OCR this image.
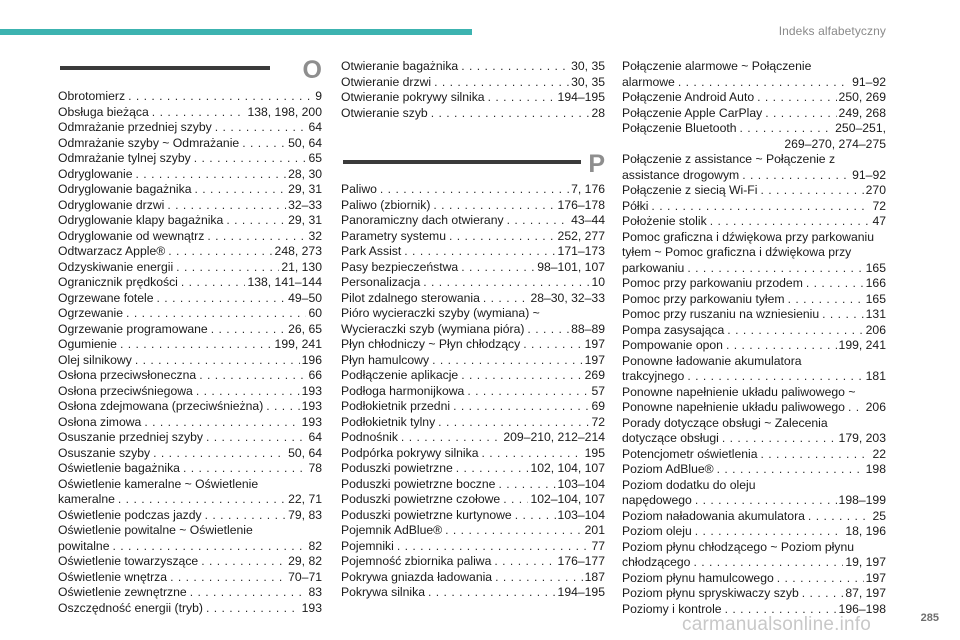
Indeks alfabetyczny
O
Obrotomierz . . .	9
Obsługa bieżąca . . .	138, 198, 200
Odmrażanie przedniej szyby . . .	64
Odmrażanie szyby ~ Odmrażanie . . .	50, 64
Odmrażanie tylnej szyby . . .	65
Odryglowanie . . .	28, 30
Odryglowanie bagażnika . . .	29, 31
Odryglowanie drzwi . . .	32–33
Odryglowanie klapy bagażnika . . .	29, 31
Odryglowanie od wewnątrz . . .	32
Odtwarzacz Apple® . . .	248, 273
Odzyskiwanie energii . . .	21, 130
Ogranicznik prędkości . . .	138, 141–144
Ogrzewane fotele . . .	49–50
Ogrzewanie . . .	60
Ogrzewanie programowane . . .	26, 65
Ogumienie . . .	199, 241
Olej silnikowy . . .	196
Osłona przeciwsłoneczna . . .	66
Osłona przeciwśniegowa . . .	193
Osłona zdejmowana (przeciwśnieżna) . . .	193
Osłona zimowa . . .	193
Osuszanie przedniej szyby . . .	64
Osuszanie szyby . . .	50, 64
Oświetlenie bagażnika . . .	78
Oświetlenie kameralne ~ Oświetlenie
kameralne . . .	22, 71
Oświetlenie podczas jazdy . . .	79, 83
Oświetlenie powitalne ~ Oświetlenie
powitalne . . .	82
Oświetlenie towarzyszące . . .	29, 82
Oświetlenie wnętrza . . .	70–71
Oświetlenie zewnętrzne . . .	83
Oszczędność energii (tryb) . . .	193
Otwieranie bagażnika . . .	30, 35
Otwieranie drzwi . . .	30, 35
Otwieranie pokrywy silnika . . .	194–195
Otwieranie szyb . . .	28
P
Paliwo . . .	7, 176
Paliwo (zbiornik) . . .	176–178
Panoramiczny dach otwierany . . .	43–44
Parametry systemu . . .	252, 277
Park Assist . . .	171–173
Pasy bezpieczeństwa . . .	98–101, 107
Personalizacja . . .	10
Pilot zdalnego sterowania . . .	28–30, 32–33
Pióro wycieraczki szyby (wymiana) ~
Wycieraczki szyb (wymiana pióra) . . .	88–89
Płyn chłodniczy ~ Płyn chłodzący . . .	197
Płyn hamulcowy . . .	197
Podłączenie aplikacje . . .	269
Podłoga harmonijkowa . . .	57
Podłokietnik przedni . . .	69
Podłokietnik tylny . . .	72
Podnośnik . . .	209–210, 212–214
Podpórka pokrywy silnika . . .	195
Poduszki powietrzne . . .	102, 104, 107
Poduszki powietrzne boczne . . .	103–104
Poduszki powietrzne czołowe . . . 102–104, 107
Poduszki powietrzne kurtynowe . . .	103–104
Pojemnik AdBlue® . . .	201
Pojemniki . . .	77
Pojemność zbiornika paliwa . . .	176–177
Pokrywa gniazda ładowania . . .	187
Pokrywa silnika . . .	194–195
Połączenie alarmowe ~ Połączenie
alarmowe . . .	91–92
Połączenie Android Auto . . .	250, 269
Połączenie Apple CarPlay . . .	249, 268
Połączenie Bluetooth . . .	250–251,
269–270, 274–275
Połączenie z assistance ~ Połączenie z
assistance drogowym . . .	91–92
Połączenie z siecią Wi-Fi . . .	270
Półki . . .	72
Położenie stolik . . .	47
Pomoc graficzna i dźwiękowa przy parkowaniu
tyłem ~ Pomoc graficzna i dźwiękowa przy
parkowaniu . . .	165
Pomoc przy parkowaniu przodem . . .	166
Pomoc przy parkowaniu tyłem . . .	165
Pomoc przy ruszaniu na wzniesieniu . . .	131
Pompa zasysająca . . .	206
Pompowanie opon . . .	199, 241
Ponowne ładowanie akumulatora
trakcyjnego . . .	181
Ponowne napełnienie układu paliwowego ~
Ponowne napełnienie układu paliwowego . . . 206
Porady dotyczące obsługi ~ Zalecenia
dotyczące obsługi . . .	179, 203
Potencjometr oświetlenia . . .	22
Poziom AdBlue® . . .	198
Poziom dodatku do oleju
napędowego . . .	198–199
Poziom naładowania akumulatora . . .	25
Poziom oleju . . .	18, 196
Poziom płynu chłodzącego ~ Poziom płynu
chłodzącego . . .	19, 197
Poziom płynu hamulcowego . . .	197
Poziom płynu spryskiwaczy szyb . . .	87, 197
Poziomy i kontrole . . .	196–198
carmanualsonline.info	285
